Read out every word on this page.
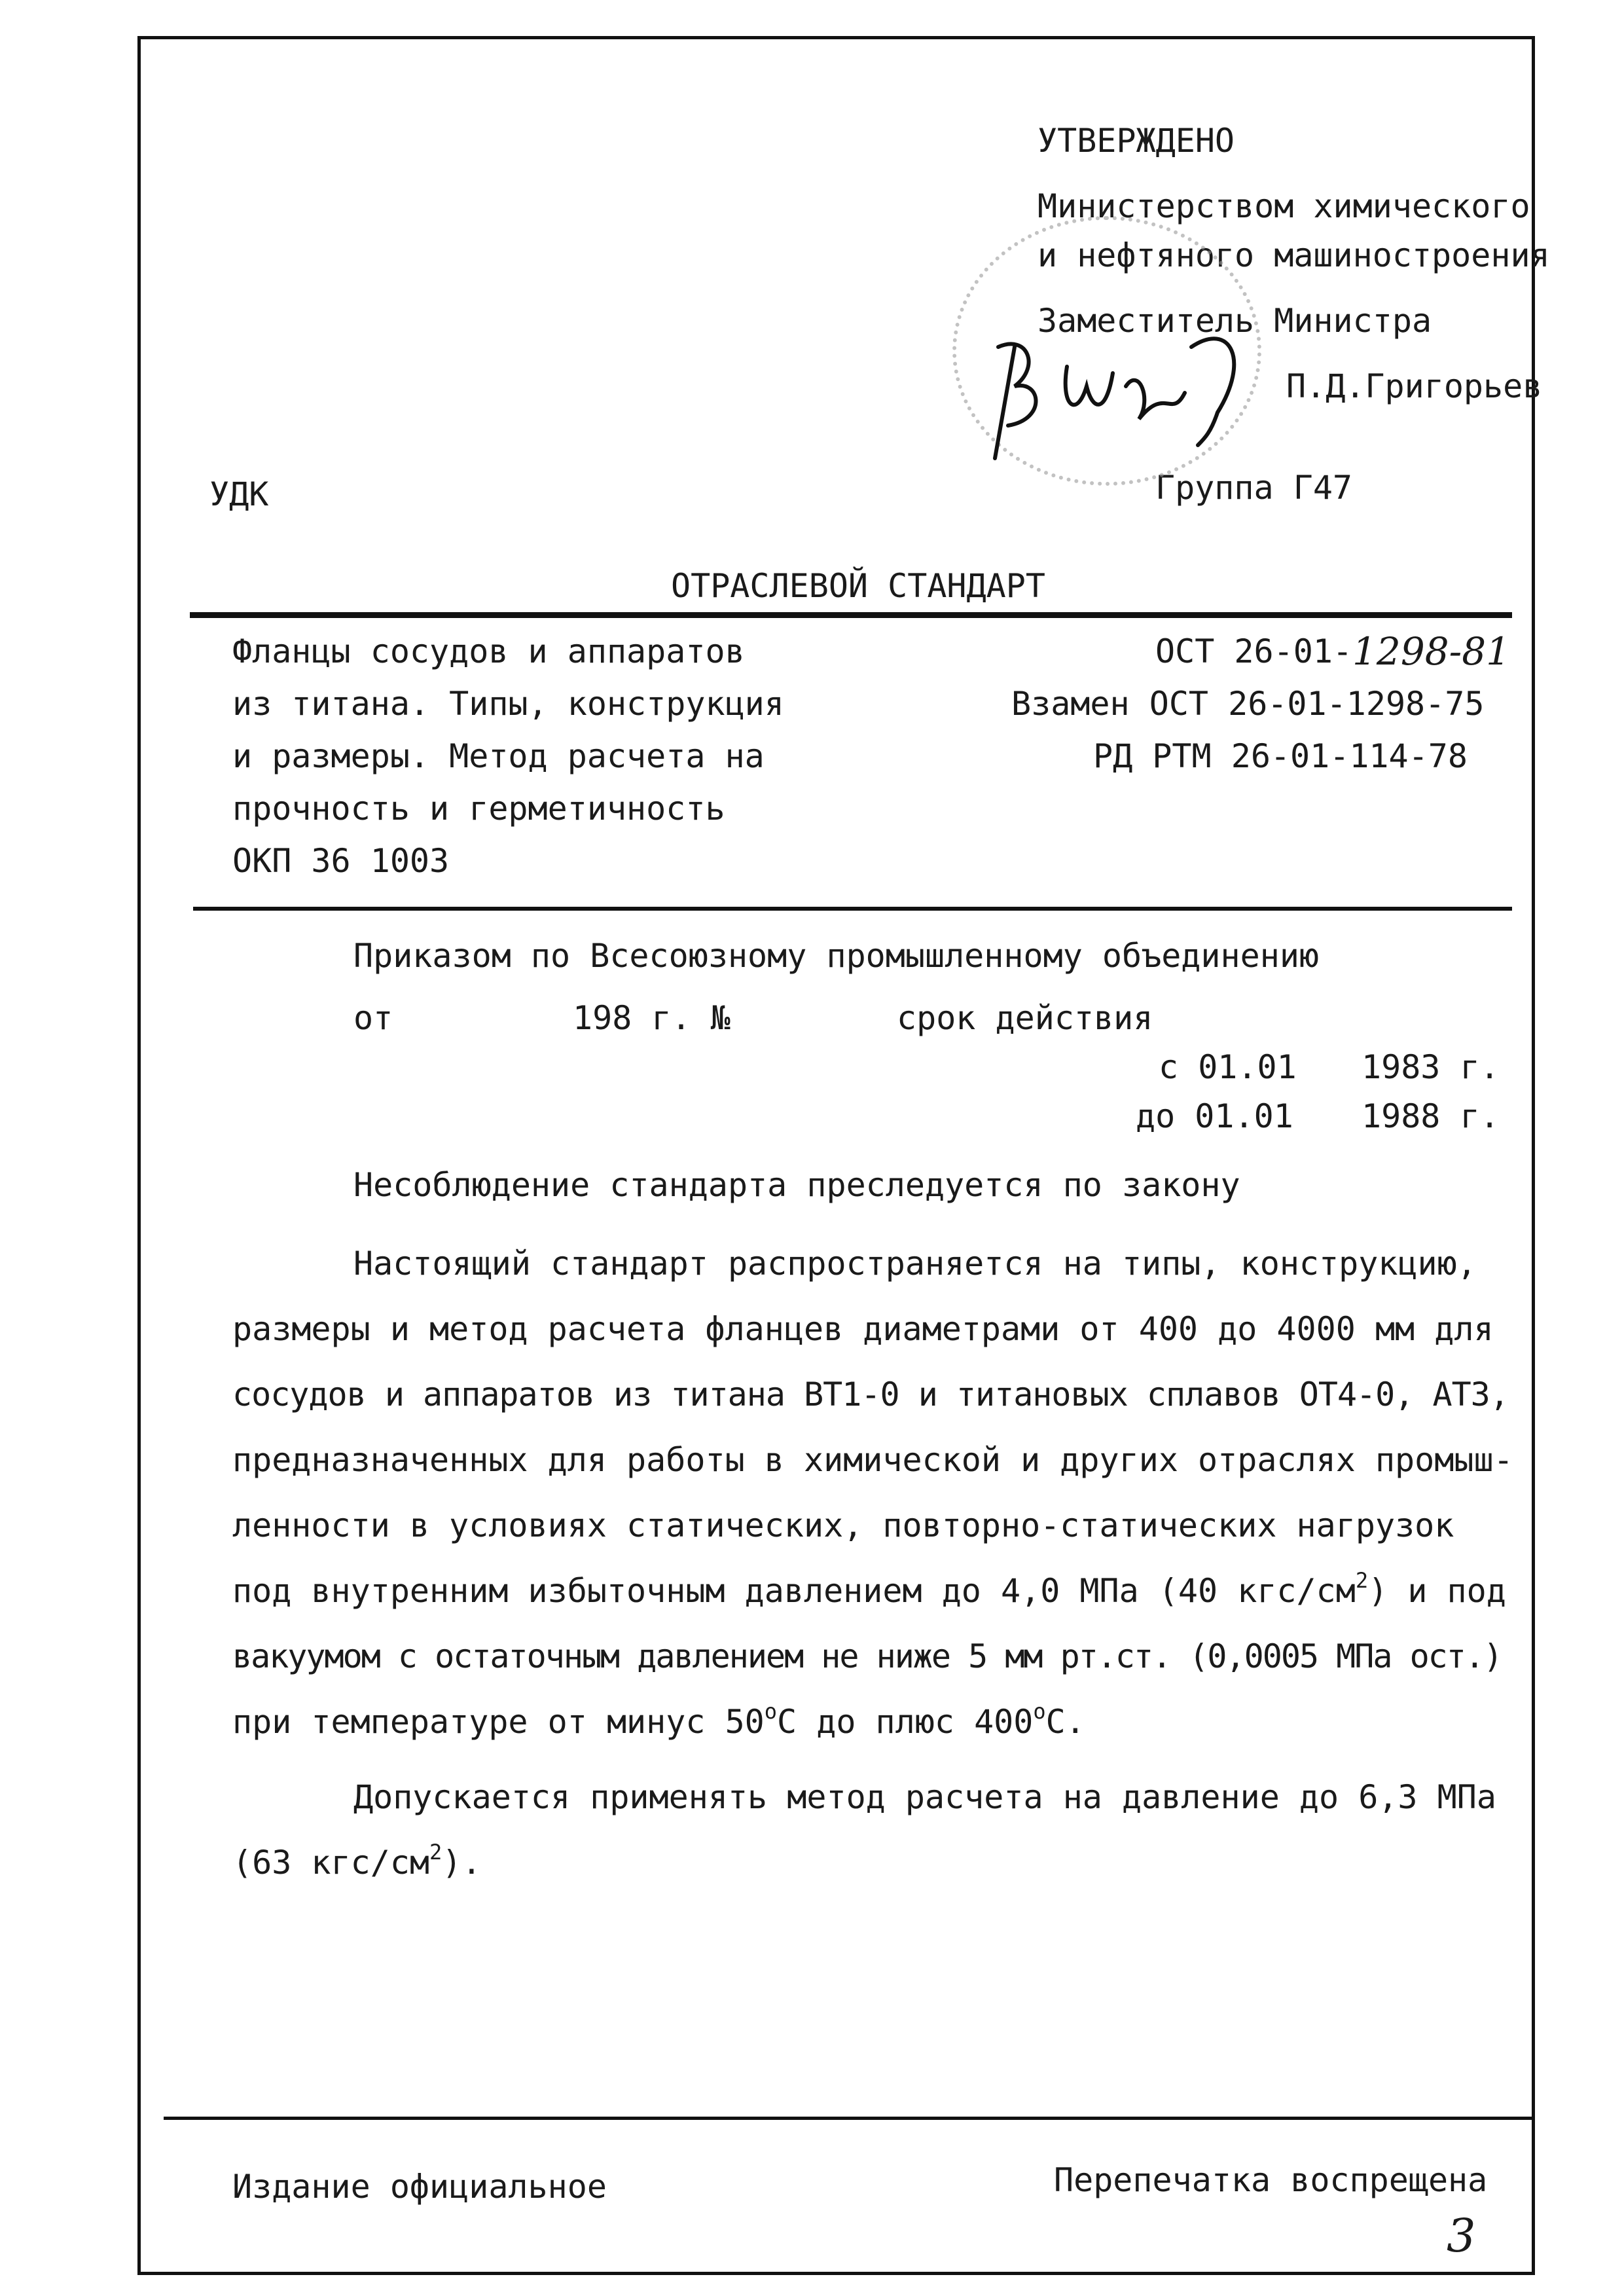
УТВЕРЖДЕНО
Министерством химического
и нефтяного машиностроения
Заместитель Министра
П.Д.Григорьев
Группа Г47
УДК
ОТРАСЛЕВОЙ СТАНДАРТ
Фланцы сосудов и аппаратов
из титана. Типы, конструкция
и размеры. Метод расчета на
прочность и герметичность
ОКП 36 1003
ОСТ 26-01- 1298-81
Взамен ОСТ 26-01-1298-75
РД РТМ 26-01-114-78
Приказом по Всесоюзному промышленному объединению
от	198 г. №	срок действия
с 01.01 1983 г.
до 01.01 1988 г.
Несоблюдение стандарта преследуется по закону
Настоящий стандарт распространяется на типы, конструкцию,
размеры и метод расчета фланцев диаметрами от 400 до 4000 мм для
сосудов и аппаратов из титана ВТ1-0 и титановых сплавов ОТ4-0, АТЗ,
предназначенных для работы в химической и других отраслях промыш-
ленности в условиях статических, повторно-статических нагрузок
под внутренним избыточным давлением до 4,0 МПа (40 кгс/$см^2$) и под
вакуумом с остаточным давлением не ниже 5 мм рт.ст. (0,0005 МПа ост.)
при температуре от минус $50^оС$ до плюс $400^оС$.
Допускается применять метод расчета на давление до 6,3 МПа
(63 кгс/$см^2$).
Издание официальное	Перепечатка воспрещена
3
